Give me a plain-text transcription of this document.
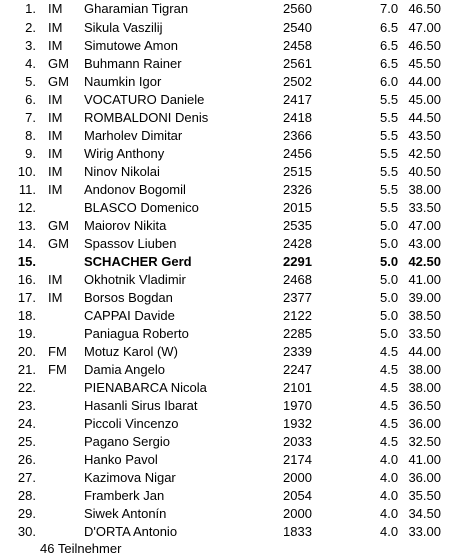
1. IM Gharamian Tigran	2560	7.0 46.50
2. IM Sikula Vaszilij	2540	6.5 47.00
3. IM Simutowe Amon	2458	6.5 46.50
4. GM Buhmann Rainer	2561	6.5 45.50
5. GM Naumkin Igor	2502	6.0 44.00
6. IM VOCATURO Daniele	2417	5.5 45.00
7. IM ROMBALDONI Denis	2418	5.5 44.50
8. IM Marholev Dimitar	2366	5.5 43.50
9. IM Wirig Anthony	2456	5.5 42.50
10. IM Ninov Nikolai	2515	5.5 40.50
11. IM Andonov Bogomil	2326	5.5 38.00
12.	BLASCO Domenico	2015	5.5 33.50
13. GM Maiorov Nikita	2535	5.0 47.00
14. GM Spassov Liuben	2428	5.0 43.00
15.	SCHACHER Gerd	2291	5.0 42.50
16. IM Okhotnik Vladimir	2468	5.0 41.00
17. IM Borsos Bogdan	2377	5.0 39.00
18.	CAPPAI Davide	2122	5.0 38.50
19.	Paniagua Roberto	2285	5.0 33.50
20. FM Motuz Karol (W)	2339	4.5 44.00
21. FM Damia Angelo	2247	4.5 38.00
22.	PIENABARCA Nicola	2101	4.5 38.00
23.	Hasanli Sirus Ibarat	1970	4.5 36.50
24.	Piccoli Vincenzo	1932	4.5 36.00
25.	Pagano Sergio	2033	4.5 32.50
26.	Hanko Pavol	2174	4.0 41.00
27.	Kazimova Nigar	2000	4.0 36.00
28.	Framberk Jan	2054	4.0 35.50
29.	Siwek Antonín	2000	4.0 34.50
30.	D'ORTA Antonio	1833	4.0 33.00
46 Teilnehmer
